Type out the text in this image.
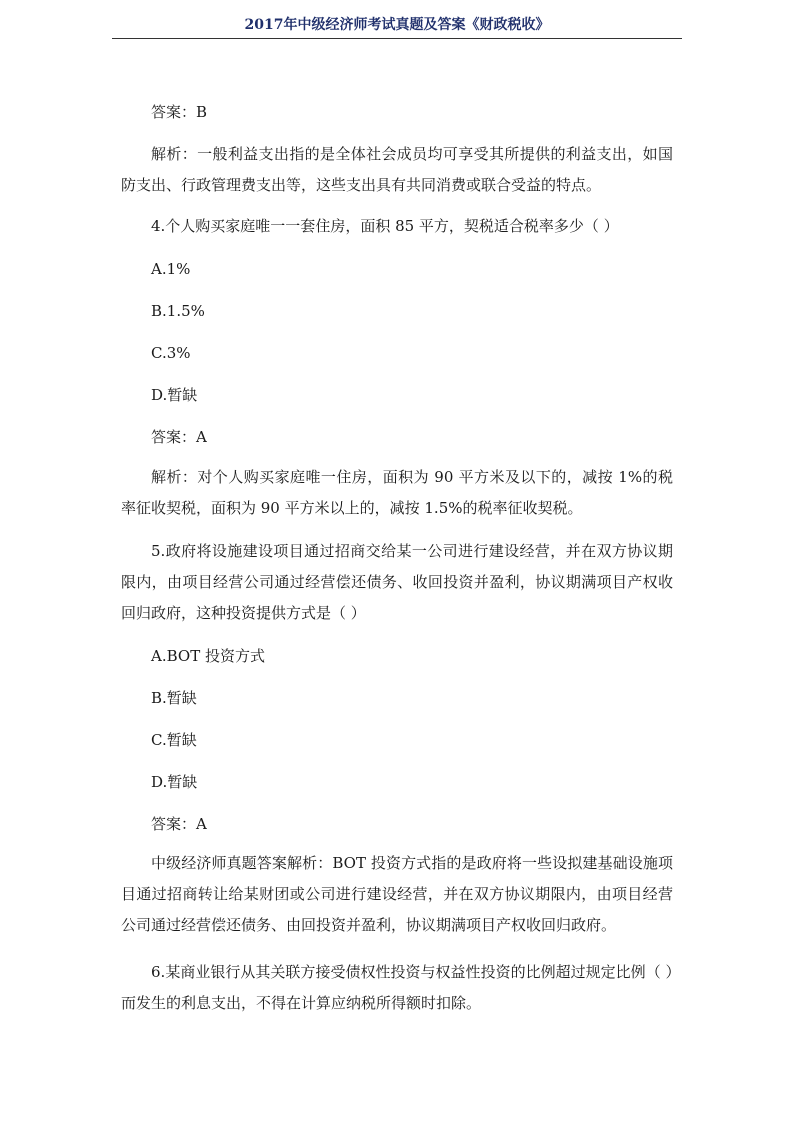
2017年中级经济师考试真题及答案《财政税收》
答案：B
解析：一般利益支出指的是全体社会成员均可享受其所提供的利益支出，如国防支出、行政管理费支出等，这些支出具有共同消费或联合受益的特点。
4.个人购买家庭唯一一套住房，面积 85 平方，契税适合税率多少（ ）
A.1%
B.1.5%
C.3%
D.暂缺
答案：A
解析：对个人购买家庭唯一住房，面积为 90 平方米及以下的，减按 1%的税率征收契税，面积为 90 平方米以上的，减按 1.5%的税率征收契税。
5.政府将设施建设项目通过招商交给某一公司进行建设经营，并在双方协议期限内，由项目经营公司通过经营偿还债务、收回投资并盈利，协议期满项目产权收回归政府，这种投资提供方式是（ ）
A.BOT 投资方式
B.暂缺
C.暂缺
D.暂缺
答案：A
中级经济师真题答案解析：BOT 投资方式指的是政府将一些设拟建基础设施项目通过招商转让给某财团或公司进行建设经营，并在双方协议期限内，由项目经营公司通过经营偿还债务、由回投资并盈利，协议期满项目产权收回归政府。
6.某商业银行从其关联方接受债权性投资与权益性投资的比例超过规定比例（ ）而发生的利息支出，不得在计算应纳税所得额时扣除。
